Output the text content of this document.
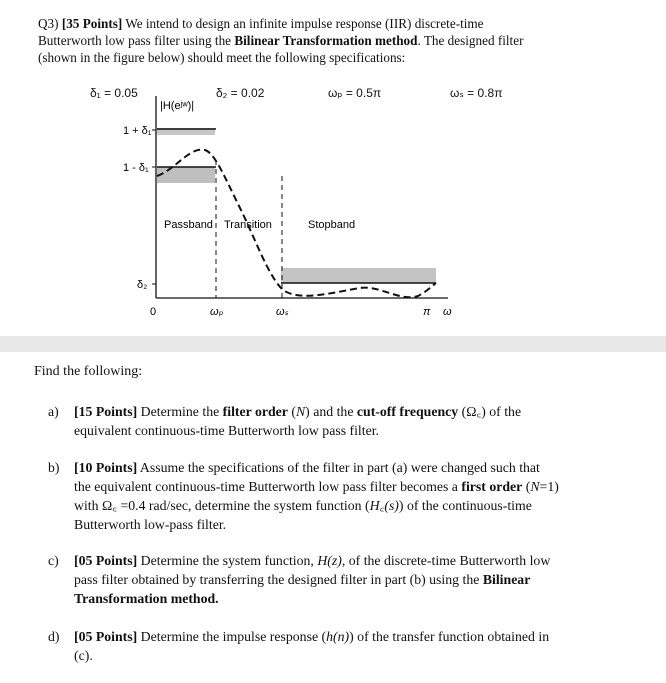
Q3) [35 Points] We intend to design an infinite impulse response (IIR) discrete-time
Butterworth low pass filter using the Bilinear Transformation method. The designed filter
(shown in the figure below) should meet the following specifications:
δ₁ = 0.05	δ₂ = 0.02	ωₚ = 0.5π	ωₛ = 0.8π
|H(eʲʷ)|
1 + δ₁
1 - δ₁
δ₂
0	ωₚ	ωₛ	π ω
Passband Transition	Stopband
Find the following:
a) [15 Points] Determine the filter order (N) and the cut-off frequency (Ω꜀) of the
equivalent continuous-time Butterworth low pass filter.
b) [10 Points] Assume the specifications of the filter in part (a) were changed such that
the equivalent continuous-time Butterworth low pass filter becomes a first order (N=1)
with Ω꜀ =0.4 rad/sec, determine the system function (H꜀(s)) of the continuous-time
Butterworth low-pass filter.
c) [05 Points] Determine the system function, H(z), of the discrete-time Butterworth low
pass filter obtained by transferring the designed filter in part (b) using the Bilinear
Transformation method.
d) [05 Points] Determine the impulse response (h(n)) of the transfer function obtained in
(c).
